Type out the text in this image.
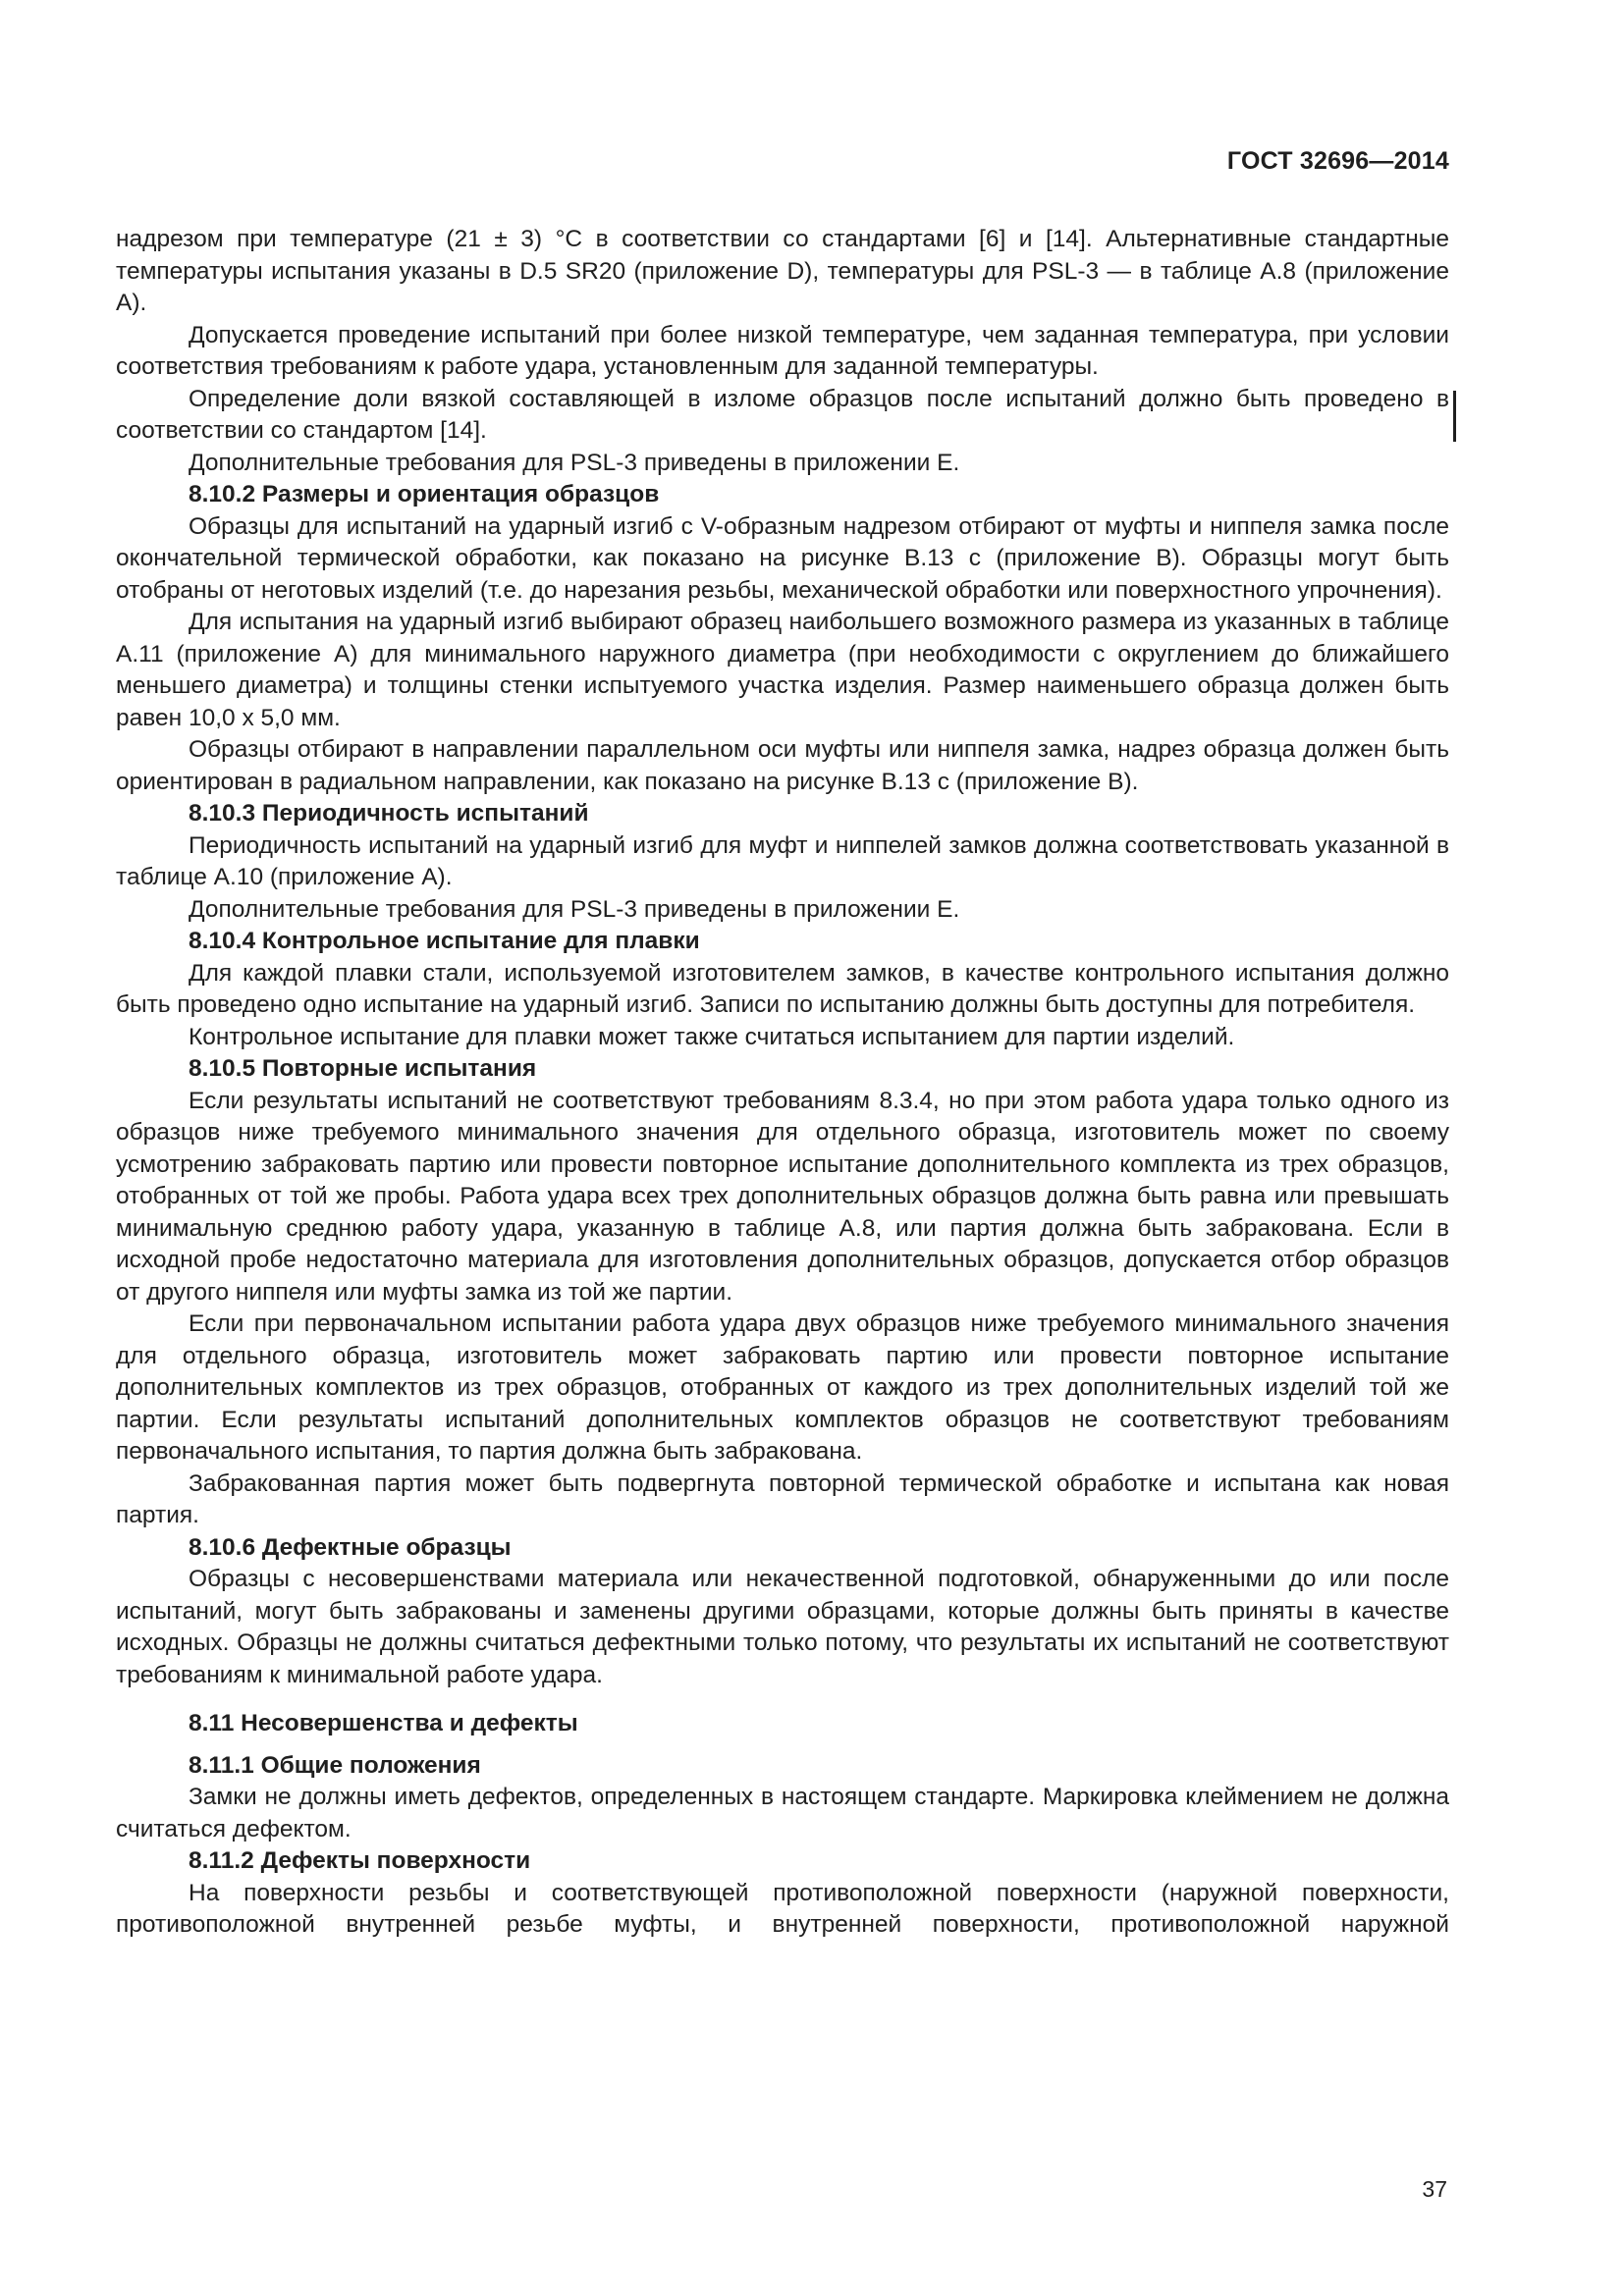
ГОСТ 32696—2014

надрезом при температуре (21 ± 3) °С в соответствии со стандартами [6] и [14]. Альтернативные стандартные температуры испытания указаны в D.5 SR20 (приложение D), температуры для PSL-3 — в таблице А.8 (приложение А).

Допускается проведение испытаний при более низкой температуре, чем заданная температура, при условии соответствия требованиям к работе удара, установленным для заданной температуры.

Определение доли вязкой составляющей в изломе образцов после испытаний должно быть проведено в соответствии со стандартом [14].

Дополнительные требования для PSL-3 приведены в приложении Е.

8.10.2 Размеры и ориентация образцов

Образцы для испытаний на ударный изгиб с V-образным надрезом отбирают от муфты и ниппеля замка после окончательной термической обработки, как показано на рисунке В.13 с (приложение В). Образцы могут быть отобраны от неготовых изделий (т.е. до нарезания резьбы, механической обработки или поверхностного упрочнения).

Для испытания на ударный изгиб выбирают образец наибольшего возможного размера из указанных в таблице А.11 (приложение А) для минимального наружного диаметра (при необходимости с округлением до ближайшего меньшего диаметра) и толщины стенки испытуемого участка изделия. Размер наименьшего образца должен быть равен 10,0 х 5,0 мм.

Образцы отбирают в направлении параллельном оси муфты или ниппеля замка, надрез образца должен быть ориентирован в радиальном направлении, как показано на рисунке В.13 с (приложение В).

8.10.3 Периодичность испытаний

Периодичность испытаний на ударный изгиб для муфт и ниппелей замков должна соответствовать указанной в таблице А.10 (приложение А).

Дополнительные требования для PSL-3 приведены в приложении Е.

8.10.4 Контрольное испытание для плавки

Для каждой плавки стали, используемой изготовителем замков, в качестве контрольного испытания должно быть проведено одно испытание на ударный изгиб. Записи по испытанию должны быть доступны для потребителя.

Контрольное испытание для плавки может также считаться испытанием для партии изделий.

8.10.5 Повторные испытания

Если результаты испытаний не соответствуют требованиям 8.3.4, но при этом работа удара только одного из образцов ниже требуемого минимального значения для отдельного образца, изготовитель может по своему усмотрению забраковать партию или провести повторное испытание дополнительного комплекта из трех образцов, отобранных от той же пробы. Работа удара всех трех дополнительных образцов должна быть равна или превышать минимальную среднюю работу удара, указанную в таблице А.8, или партия должна быть забракована. Если в исходной пробе недостаточно материала для изготовления дополнительных образцов, допускается отбор образцов от другого ниппеля или муфты замка из той же партии.

Если при первоначальном испытании работа удара двух образцов ниже требуемого минимального значения для отдельного образца, изготовитель может забраковать партию или провести повторное испытание дополнительных комплектов из трех образцов, отобранных от каждого из трех дополнительных изделий той же партии. Если результаты испытаний дополнительных комплектов образцов не соответствуют требованиям первоначального испытания, то партия должна быть забракована.

Забракованная партия может быть подвергнута повторной термической обработке и испытана как новая партия.

8.10.6 Дефектные образцы

Образцы с несовершенствами материала или некачественной подготовкой, обнаруженными до или после испытаний, могут быть забракованы и заменены другими образцами, которые должны быть приняты в качестве исходных. Образцы не должны считаться дефектными только потому, что результаты их испытаний не соответствуют требованиям к минимальной работе удара.

8.11 Несовершенства и дефекты
8.11.1 Общие положения

Замки не должны иметь дефектов, определенных в настоящем стандарте. Маркировка клеймением не должна считаться дефектом.

8.11.2 Дефекты поверхности

На поверхности резьбы и соответствующей противоположной поверхности (наружной поверхности, противоположной внутренней резьбе муфты, и внутренней поверхности, противоположной наружной

37
